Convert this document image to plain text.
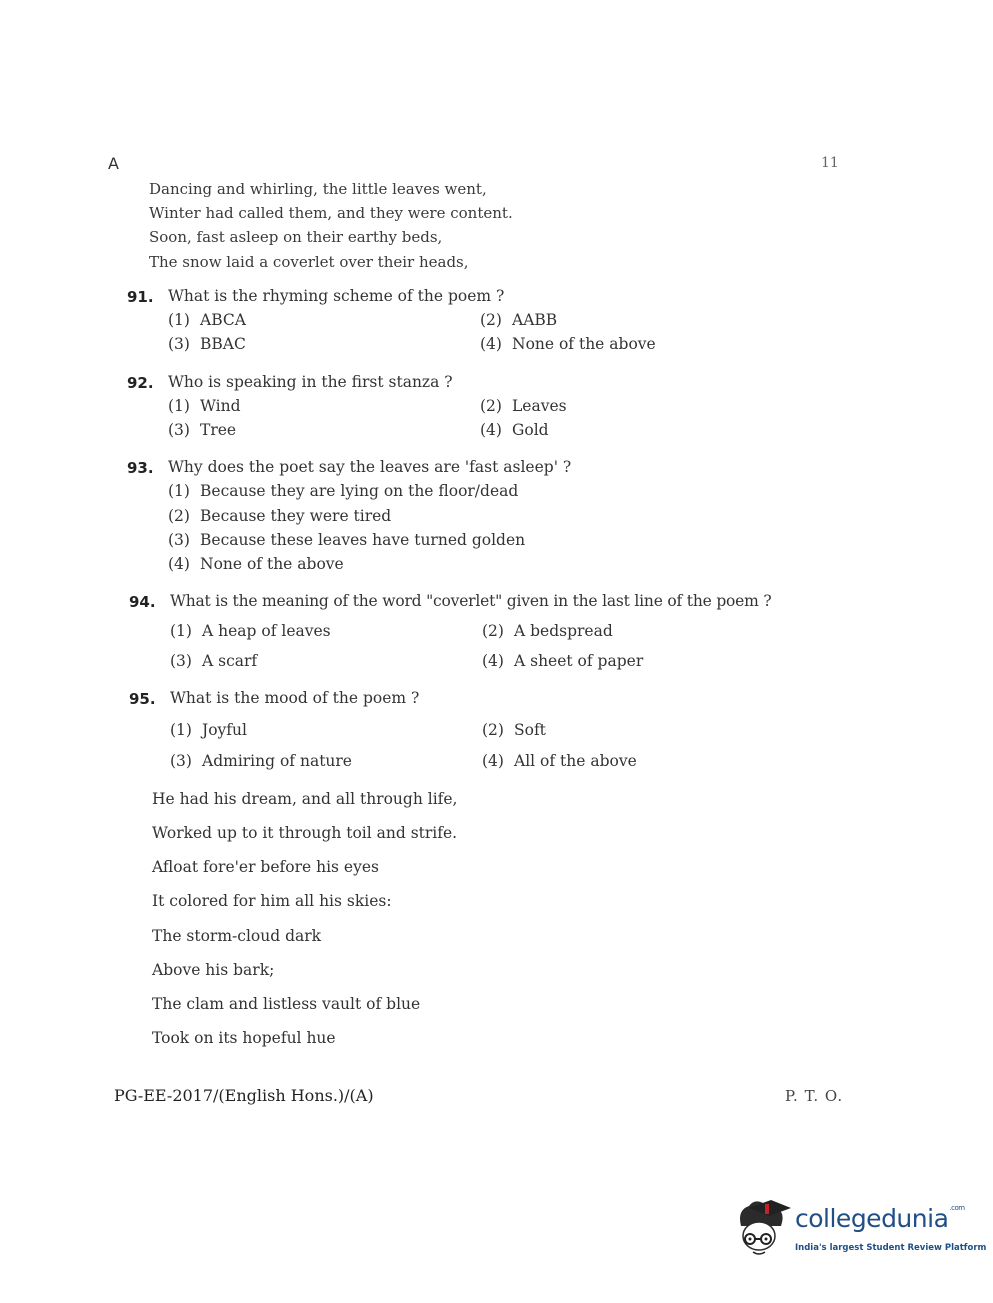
A	11
Dancing and whirling, the little leaves went,
Winter had called them, and they were content.
Soon, fast asleep on their earthy beds,
The snow laid a coverlet over their heads,
91. What is the rhyming scheme of the poem ?
(1) ABCA	(2) AABB
(3) BBAC	(4) None of the above
92. Who is speaking in the first stanza ?
(1) Wind	(2) Leaves
(3) Tree	(4) Gold
93. Why does the poet say the leaves are 'fast asleep' ?
(1) Because they are lying on the floor/dead
(2) Because they were tired
(3) Because these leaves have turned golden
(4) None of the above
94. What is the meaning of the word "coverlet" given in the last line of the poem ?
(1) A heap of leaves	(2) A bedspread
(3) A scarf	(4) A sheet of paper
95. What is the mood of the poem ?
(1) Joyful	(2) Soft
(3) Admiring of nature	(4) All of the above
He had his dream, and all through life,
Worked up to it through toil and strife.
Afloat fore'er before his eyes
It colored for him all his skies:
The storm-cloud dark
Above his bark;
The clam and listless vault of blue
Took on its hopeful hue
PG-EE-2017/(English Hons.)/(A)	P. T. O.
collegedunia$^{.com}$
India's largest Student Review Platform
